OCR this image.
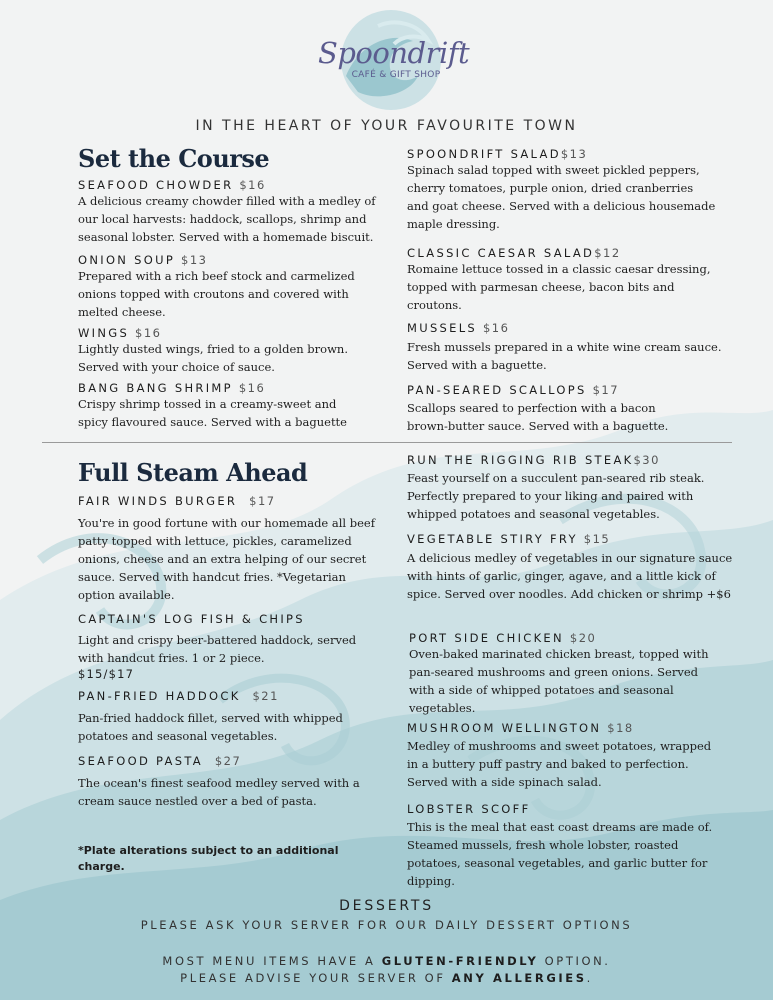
Spoondrift
CAFÉ & GIFT SHOP
IN THE HEART OF YOUR FAVOURITE TOWN
Set the Course
SEAFOOD CHOWDER $16
A delicious creamy chowder filled with a medley of
our local harvests: haddock, scallops, shrimp and
seasonal lobster. Served with a homemade biscuit.
ONION SOUP $13
Prepared with a rich beef stock and carmelized
onions topped with croutons and covered with
melted cheese.
WINGS $16
Lightly dusted wings, fried to a golden brown.
Served with your choice of sauce.
BANG BANG SHRIMP $16
Crispy shrimp tossed in a creamy-sweet and
spicy flavoured sauce. Served with a baguette
SPOONDRIFT SALAD$13
Spinach salad topped with sweet pickled peppers,
cherry tomatoes, purple onion, dried cranberries
and goat cheese. Served with a delicious housemade
maple dressing.
CLASSIC CAESAR SALAD$12
Romaine lettuce tossed in a classic caesar dressing,
topped with parmesan cheese, bacon bits and
croutons.
MUSSELS $16
Fresh mussels prepared in a white wine cream sauce.
Served with a baguette.
PAN-SEARED SCALLOPS $17
Scallops seared to perfection with a bacon
brown-butter sauce. Served with a baguette.
Full Steam Ahead
FAIR WINDS BURGER $17
You're in good fortune with our homemade all beef
patty topped with lettuce, pickles, caramelized
onions, cheese and an extra helping of our secret
sauce. Served with handcut fries. *Vegetarian
option available.
CAPTAIN'S LOG FISH & CHIPS
Light and crispy beer-battered haddock, served
with handcut fries. 1 or 2 piece.
$15/$17
PAN-FRIED HADDOCK $21
Pan-fried haddock fillet, served with whipped
potatoes and seasonal vegetables.
SEAFOOD PASTA $27
The ocean's finest seafood medley served with a
cream sauce nestled over a bed of pasta.
*Plate alterations subject to an additional
charge.
RUN THE RIGGING RIB STEAK$30
Feast yourself on a succulent pan-seared rib steak.
Perfectly prepared to your liking and paired with
whipped potatoes and seasonal vegetables.
VEGETABLE STIRY FRY $15
A delicious medley of vegetables in our signature sauce
with hints of garlic, ginger, agave, and a little kick of
spice. Served over noodles. Add chicken or shrimp +$6
PORT SIDE CHICKEN $20
Oven-baked marinated chicken breast, topped with
pan-seared mushrooms and green onions. Served
with a side of whipped potatoes and seasonal
vegetables.
MUSHROOM WELLINGTON $18
Medley of mushrooms and sweet potatoes, wrapped
in a buttery puff pastry and baked to perfection.
Served with a side spinach salad.
LOBSTER SCOFF
This is the meal that east coast dreams are made of.
Steamed mussels, fresh whole lobster, roasted
potatoes, seasonal vegetables, and garlic butter for
dipping.
DESSERTS
PLEASE ASK YOUR SERVER FOR OUR DAILY DESSERT OPTIONS
MOST MENU ITEMS HAVE A GLUTEN-FRIENDLY OPTION.
PLEASE ADVISE YOUR SERVER OF ANY ALLERGIES.
